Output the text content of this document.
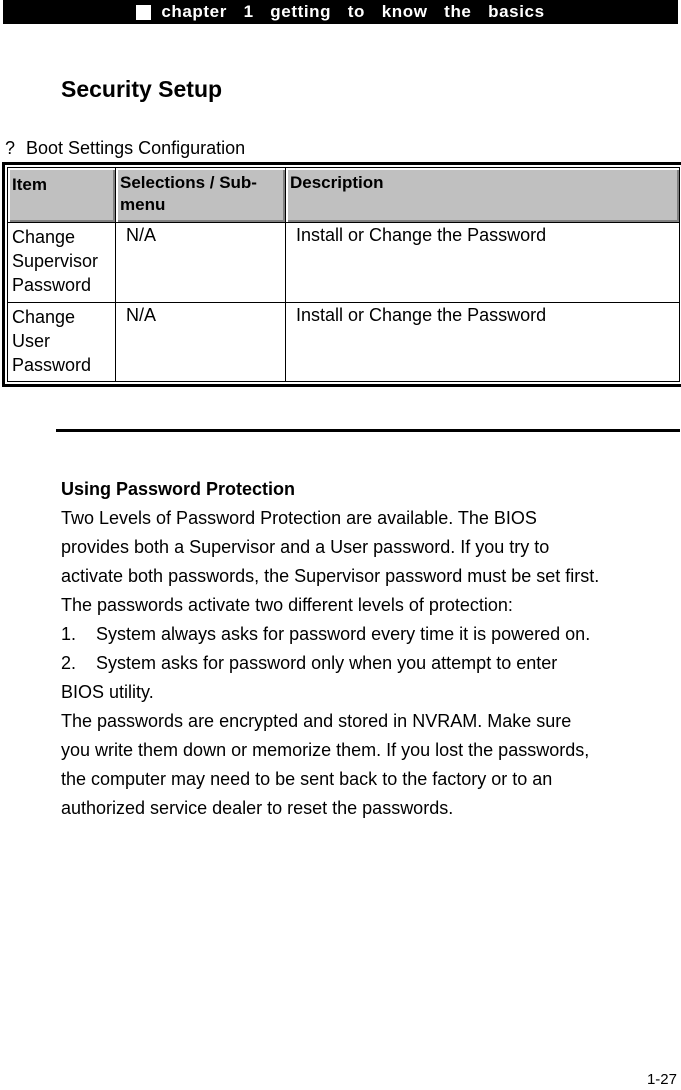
chapter  1  getting  to  know  the  basics
Security Setup
? Boot Settings Configuration
Item	Selections / Sub-menu	Description
Change Supervisor Password	N/A	Install or Change the Password
Change User Password	N/A	Install or Change the Password

Using Password Protection

Two Levels of Password Protection are available. The BIOS

provides both a Supervisor and a User password. If you try to

activate both passwords, the Supervisor password must be set first.

The passwords activate two different levels of protection:

1.    System always asks for password every time it is powered on.

2.    System asks for password only when you attempt to enter

BIOS utility.

The passwords are encrypted and stored in NVRAM. Make sure

you write them down or memorize them. If you lost the passwords,

the computer may need to be sent back to the factory or to an

authorized service dealer to reset the passwords.

1-27
